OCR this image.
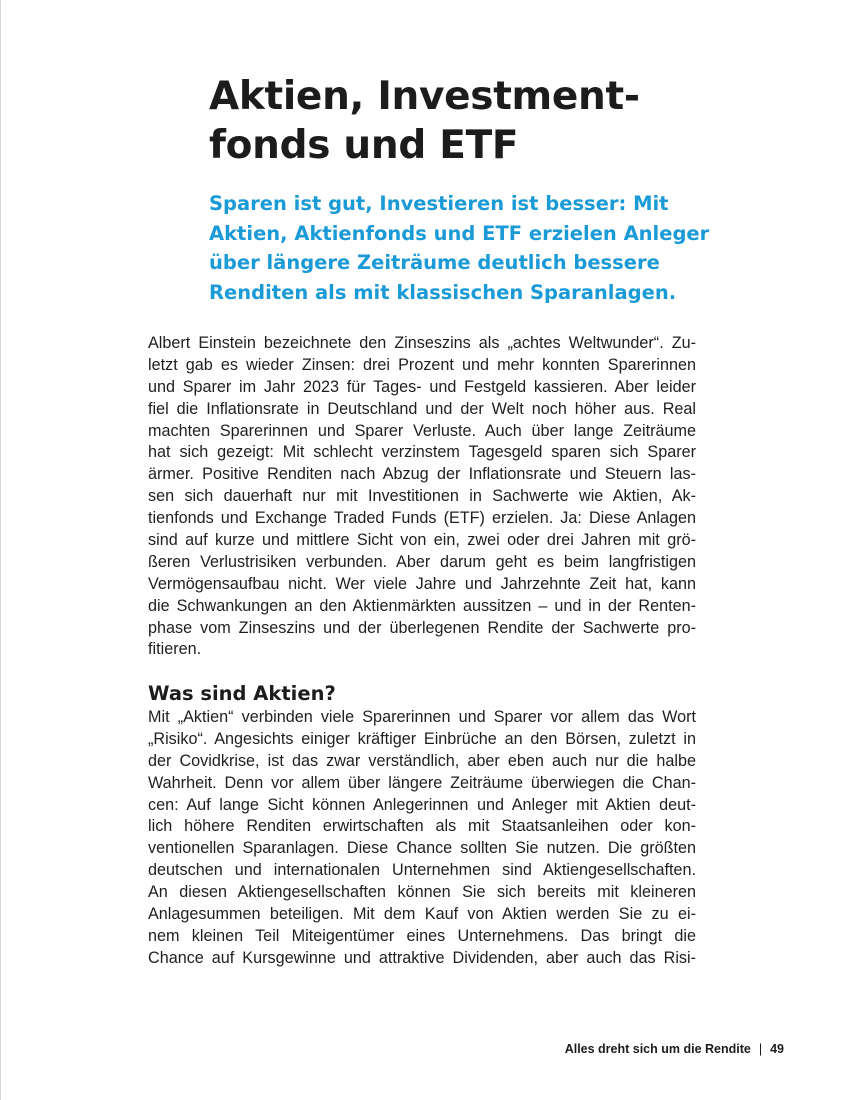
Aktien, Investment-
fonds und ETF

Sparen ist gut, Investieren ist besser: Mit
Aktien, Aktienfonds und ETF erzielen Anleger
über längere Zeiträume deutlich bessere
Renditen als mit klassischen Sparanlagen.

Albert Einstein bezeichnete den Zinseszins als „achtes Weltwunder“. Zu-
letzt gab es wieder Zinsen: drei Prozent und mehr konnten Sparerinnen
und Sparer im Jahr 2023 für Tages- und Festgeld kassieren. Aber leider
fiel die Inflationsrate in Deutschland und der Welt noch höher aus. Real
machten Sparerinnen und Sparer Verluste. Auch über lange Zeiträume
hat sich gezeigt: Mit schlecht verzinstem Tagesgeld sparen sich Sparer
ärmer. Positive Renditen nach Abzug der Inflationsrate und Steuern las-
sen sich dauerhaft nur mit Investitionen in Sachwerte wie Aktien, Ak-
tienfonds und Exchange Traded Funds (ETF) erzielen. Ja: Diese Anlagen
sind auf kurze und mittlere Sicht von ein, zwei oder drei Jahren mit grö-
ßeren Verlustrisiken verbunden. Aber darum geht es beim langfristigen
Vermögensaufbau nicht. Wer viele Jahre und Jahrzehnte Zeit hat, kann
die Schwankungen an den Aktienmärkten aussitzen – und in der Renten-
phase vom Zinseszins und der überlegenen Rendite der Sachwerte pro-
fitieren.
Was sind Aktien?
Mit „Aktien“ verbinden viele Sparerinnen und Sparer vor allem das Wort
„Risiko“. Angesichts einiger kräftiger Einbrüche an den Börsen, zuletzt in
der Covidkrise, ist das zwar verständlich, aber eben auch nur die halbe
Wahrheit. Denn vor allem über längere Zeiträume überwiegen die Chan-
cen: Auf lange Sicht können Anlegerinnen und Anleger mit Aktien deut-
lich höhere Renditen erwirtschaften als mit Staatsanleihen oder kon-
ventionellen Sparanlagen. Diese Chance sollten Sie nutzen. Die größten
deutschen und internationalen Unternehmen sind Aktiengesellschaften.
An diesen Aktiengesellschaften können Sie sich bereits mit kleineren
Anlagesummen beteiligen. Mit dem Kauf von Aktien werden Sie zu ei-
nem kleinen Teil Miteigentümer eines Unternehmens. Das bringt die
Chance auf Kursgewinne und attraktive Dividenden, aber auch das Risi-
Alles dreht sich um die Rendite | 49
